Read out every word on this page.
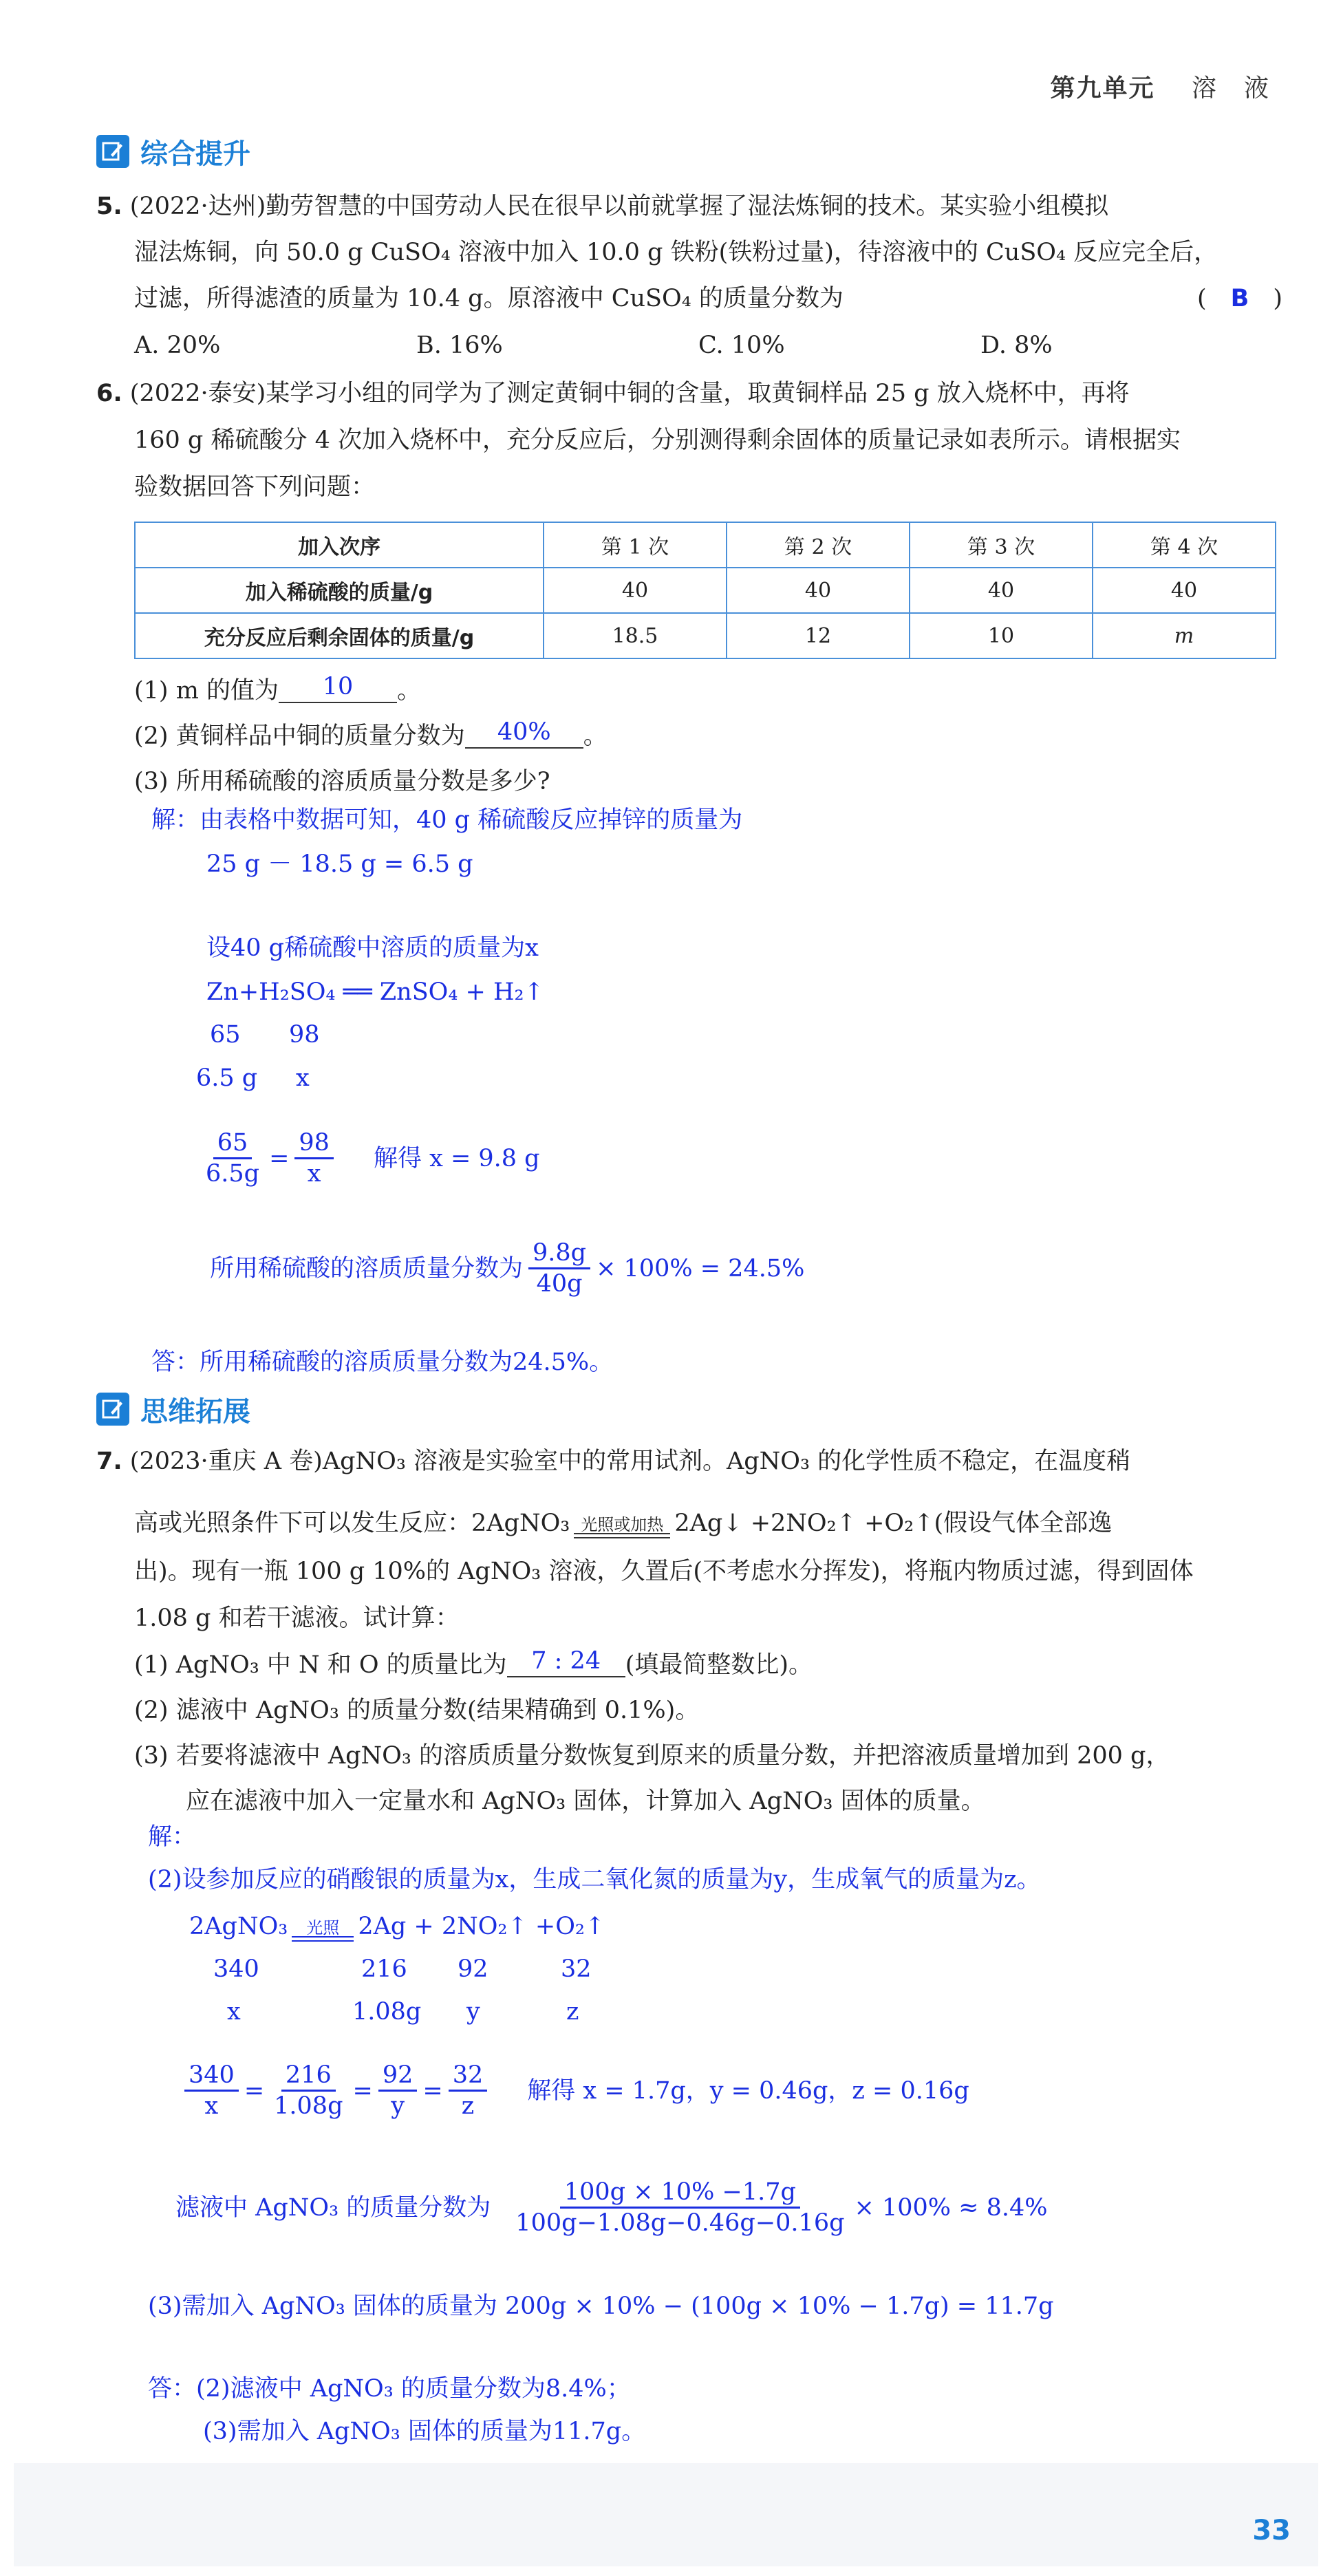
第九单元 溶　液
综合提升
5. (2022·达州)勤劳智慧的中国劳动人民在很早以前就掌握了湿法炼铜的技术。某实验小组模拟
湿法炼铜，向 50.0 g CuSO₄ 溶液中加入 10.0 g 铁粉(铁粉过量)，待溶液中的 CuSO₄ 反应完全后，
过滤，所得滤渣的质量为 10.4 g。原溶液中 CuSO₄ 的质量分数为	(　B　)
A. 20%	B. 16%	C. 10%	D. 8%
6. (2022·泰安)某学习小组的同学为了测定黄铜中铜的含量，取黄铜样品 25 g 放入烧杯中，再将
160 g 稀硫酸分 4 次加入烧杯中，充分反应后，分别测得剩余固体的质量记录如表所示。请根据实
验数据回答下列问题：
加入次序	第 1 次	第 2 次	第 3 次	第 4 次
加入稀硫酸的质量/g	40	40	40	40
充分反应后剩余固体的质量/g	18.5	12	10	m
(1) m 的值为 10 。
(2) 黄铜样品中铜的质量分数为 40% 。
(3) 所用稀硫酸的溶质质量分数是多少?
解：由表格中数据可知，40 g 稀硫酸反应掉锌的质量为
25 g － 18.5 g = 6.5 g
设40 g稀硫酸中溶质的质量为x
Zn+H₂SO₄ ══ ZnSO₄ + H₂↑
65 98
6.5 g x
$\frac{65}{6.5g} = \frac{98}{x}$ 解得 x = 9.8 g
所用稀硫酸的溶质质量分数为 $\frac{9.8g}{40g} \times 100\% = 24.5\%$
答：所用稀硫酸的溶质质量分数为24.5%。
思维拓展
7. (2023·重庆 A 卷)AgNO₃ 溶液是实验室中的常用试剂。AgNO₃ 的化学性质不稳定，在温度稍
高或光照条件下可以发生反应：2AgNO₃ 光照或加热 2Ag↓ +2NO₂↑ +O₂↑(假设气体全部逸
出)。现有一瓶 100 g 10%的 AgNO₃ 溶液，久置后(不考虑水分挥发)，将瓶内物质过滤，得到固体
1.08 g 和若干滤液。试计算：
(1) AgNO₃ 中 N 和 O 的质量比为 7 : 24 (填最简整数比)。
(2) 滤液中 AgNO₃ 的质量分数(结果精确到 0.1%)。
(3) 若要将滤液中 AgNO₃ 的溶质质量分数恢复到原来的质量分数，并把溶液质量增加到 200 g，
应在滤液中加入一定量水和 AgNO₃ 固体，计算加入 AgNO₃ 固体的质量。
解：
(2)设参加反应的硝酸银的质量为x，生成二氧化氮的质量为y，生成氧气的质量为z。
2AgNO₃ 光照 2Ag + 2NO₂↑ +O₂↑
340	216 92	32
x	1.08g y	z
$\frac{340}{x} = \frac{216}{1.08g} = \frac{92}{y} = \frac{32}{z}$ 解得 x = 1.7g，y = 0.46g，z = 0.16g
滤液中 AgNO₃ 的质量分数为 $\frac{100g \times 10\% -1.7g}{100g-1.08g-0.46g-0.16g} \times 100\% \approx 8.4\%$
(3)需加入 AgNO₃ 固体的质量为 200g × 10% − (100g × 10% − 1.7g) = 11.7g
答：(2)滤液中 AgNO₃ 的质量分数为8.4%；
(3)需加入 AgNO₃ 固体的质量为11.7g。
33
